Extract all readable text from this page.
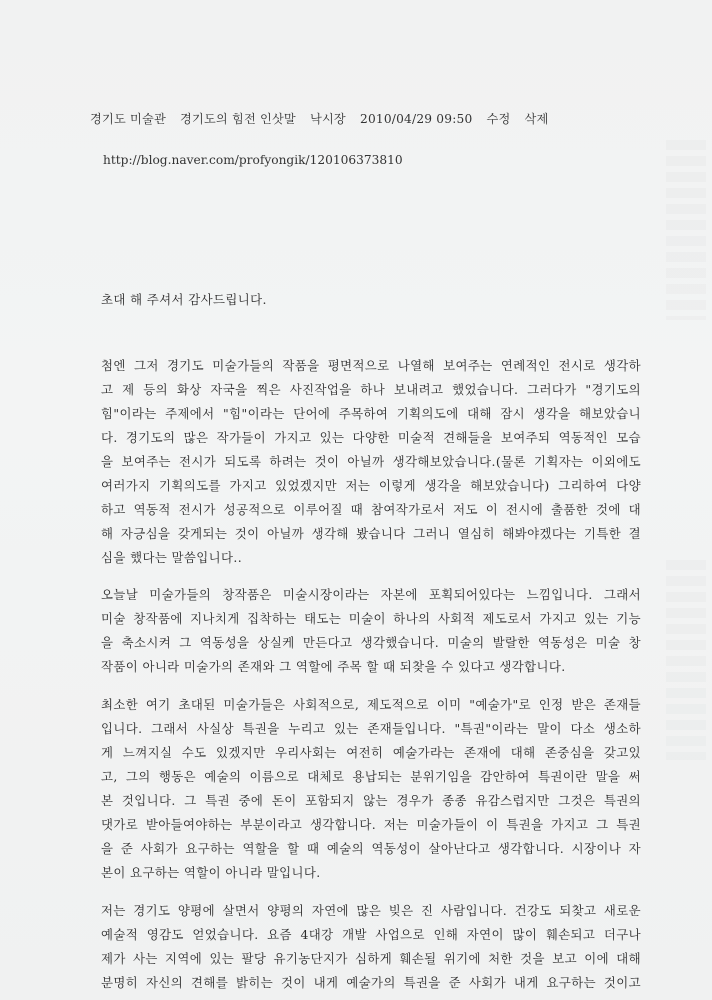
경기도 미술관 경기도의 힘전 인삿말 낙시장 2010/04/29 09:50 수정 삭제
http://blog.naver.com/profyongik/120106373810
초대 해 주셔서 감사드립니다.
첨엔 그저 경기도 미술가들의 작품을 평면적으로 나열해 보여주는 연례적인 전시로 생각하
고 제 등의 화상 자국을 찍은 사진작업을 하나 보내려고 했었습니다. 그러다가 "경기도의
힘"이라는 주제에서 "힘"이라는 단어에 주목하여 기획의도에 대해 잠시 생각을 해보았습니
다. 경기도의 많은 작가들이 가지고 있는 다양한 미술적 견해들을 보여주되 역동적인 모습
을 보여주는 전시가 되도록 하려는 것이 아닐까 생각해보았습니다.(물론 기획자는 이외에도
여러가지 기획의도를 가지고 있었겠지만 저는 이렇게 생각을 해보았습니다) 그리하여 다양
하고 역동적 전시가 성공적으로 이루어질 때 참여작가로서 저도 이 전시에 출품한 것에 대
해 자긍심을 갖게되는 것이 아닐까 생각해 봤습니다 그러니 열심히 해봐야겠다는 기특한 결
심을 했다는 말씀입니다..
오늘날 미술가들의 창작품은 미술시장이라는 자본에 포획되어있다는 느낌입니다. 그래서
미술 창작품에 지나치게 집착하는 태도는 미술이 하나의 사회적 제도로서 가지고 있는 기능
을 축소시켜 그 역동성을 상실케 만든다고 생각했습니다. 미술의 발랄한 역동성은 미술 창
작품이 아니라 미술가의 존재와 그 역할에 주목 할 때 되찾을 수 있다고 생각합니다.
최소한 여기 초대된 미술가들은 사회적으로, 제도적으로 이미 "예술가"로 인정 받은 존재들
입니다. 그래서 사실상 특권을 누리고 있는 존재들입니다. "특권"이라는 말이 다소 생소하
게 느껴지실 수도 있겠지만 우리사회는 여전히 예술가라는 존재에 대해 존중심을 갖고있
고, 그의 행동은 예술의 이름으로 대체로 용납되는 분위기임을 감안하여 특권이란 말을 써
본 것입니다. 그 특권 중에 돈이 포함되지 않는 경우가 종종 유감스럽지만 그것은 특권의
댓가로 받아들여야하는 부분이라고 생각합니다. 저는 미술가들이 이 특권을 가지고 그 특권
을 준 사회가 요구하는 역할을 할 때 예술의 역동성이 살아난다고 생각합니다. 시장이나 자
본이 요구하는 역할이 아니라 말입니다.
저는 경기도 양평에 살면서 양평의 자연에 많은 빚은 진 사람입니다. 건강도 되찾고 새로운
예술적 영감도 얻었습니다. 요즘 4대강 개발 사업으로 인해 자연이 많이 훼손되고 더구나
제가 사는 지역에 있는 팔당 유기농단지가 심하게 훼손될 위기에 처한 것을 보고 이에 대해
분명히 자신의 견해를 밝히는 것이 내게 예술가의 특권을 준 사회가 내게 요구하는 것이고
